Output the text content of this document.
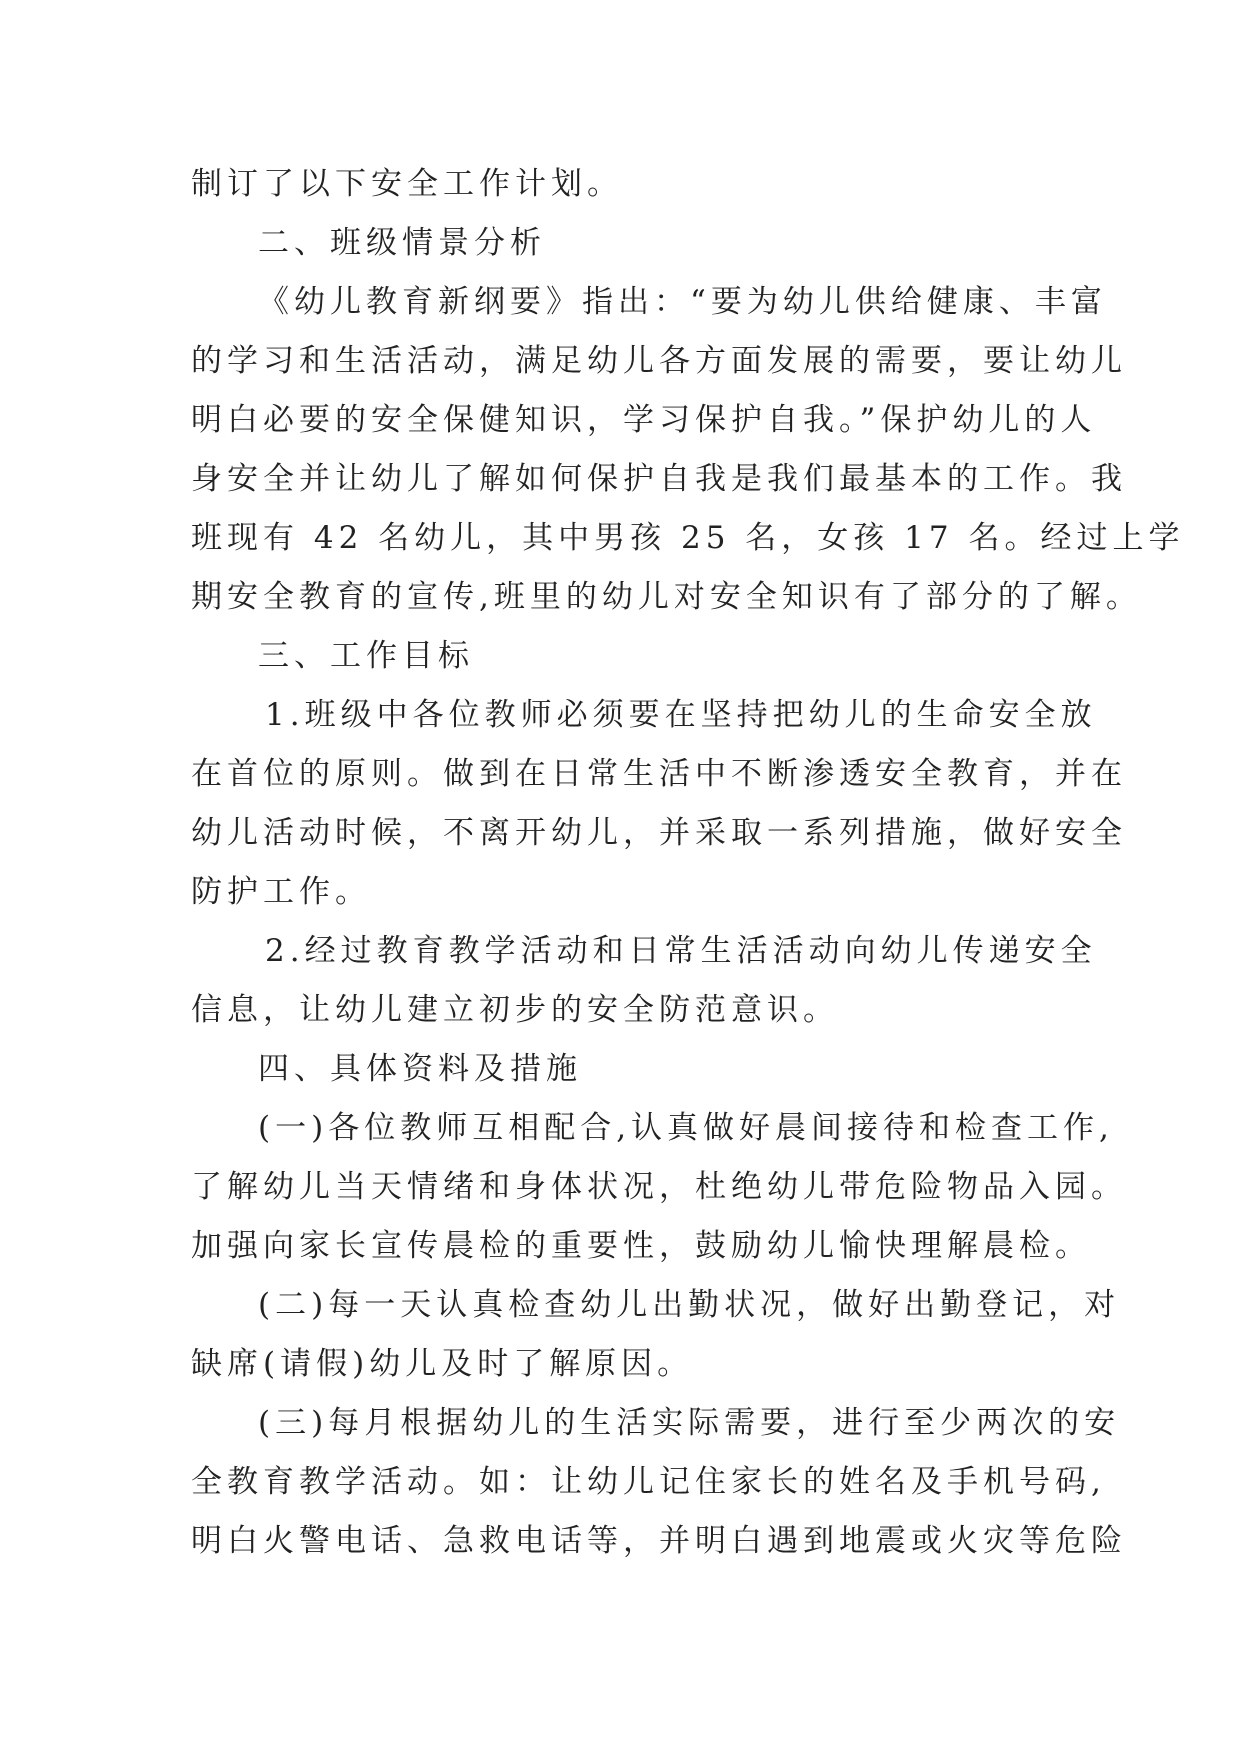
制订了以下安全工作计划。

二、班级情景分析

《幼儿教育新纲要》指出：“要为幼儿供给健康、丰富

的学习和生活活动，满足幼儿各方面发展的需要，要让幼儿

明白必要的安全保健知识，学习保护自我。”保护幼儿的人

身安全并让幼儿了解如何保护自我是我们最基本的工作。我

班现有 42 名幼儿，其中男孩 25 名，女孩 17 名。经过上学

期安全教育的宣传,班里的幼儿对安全知识有了部分的了解。

三、工作目标

1.班级中各位教师必须要在坚持把幼儿的生命安全放

在首位的原则。做到在日常生活中不断渗透安全教育，并在

幼儿活动时候，不离开幼儿，并采取一系列措施，做好安全

防护工作。

2.经过教育教学活动和日常生活活动向幼儿传递安全

信息，让幼儿建立初步的安全防范意识。

四、具体资料及措施

(一)各位教师互相配合,认真做好晨间接待和检查工作,

了解幼儿当天情绪和身体状况，杜绝幼儿带危险物品入园。

加强向家长宣传晨检的重要性，鼓励幼儿愉快理解晨检。

(二)每一天认真检查幼儿出勤状况，做好出勤登记，对

缺席(请假)幼儿及时了解原因。

(三)每月根据幼儿的生活实际需要，进行至少两次的安

全教育教学活动。如：让幼儿记住家长的姓名及手机号码,

明白火警电话、急救电话等，并明白遇到地震或火灾等危险
